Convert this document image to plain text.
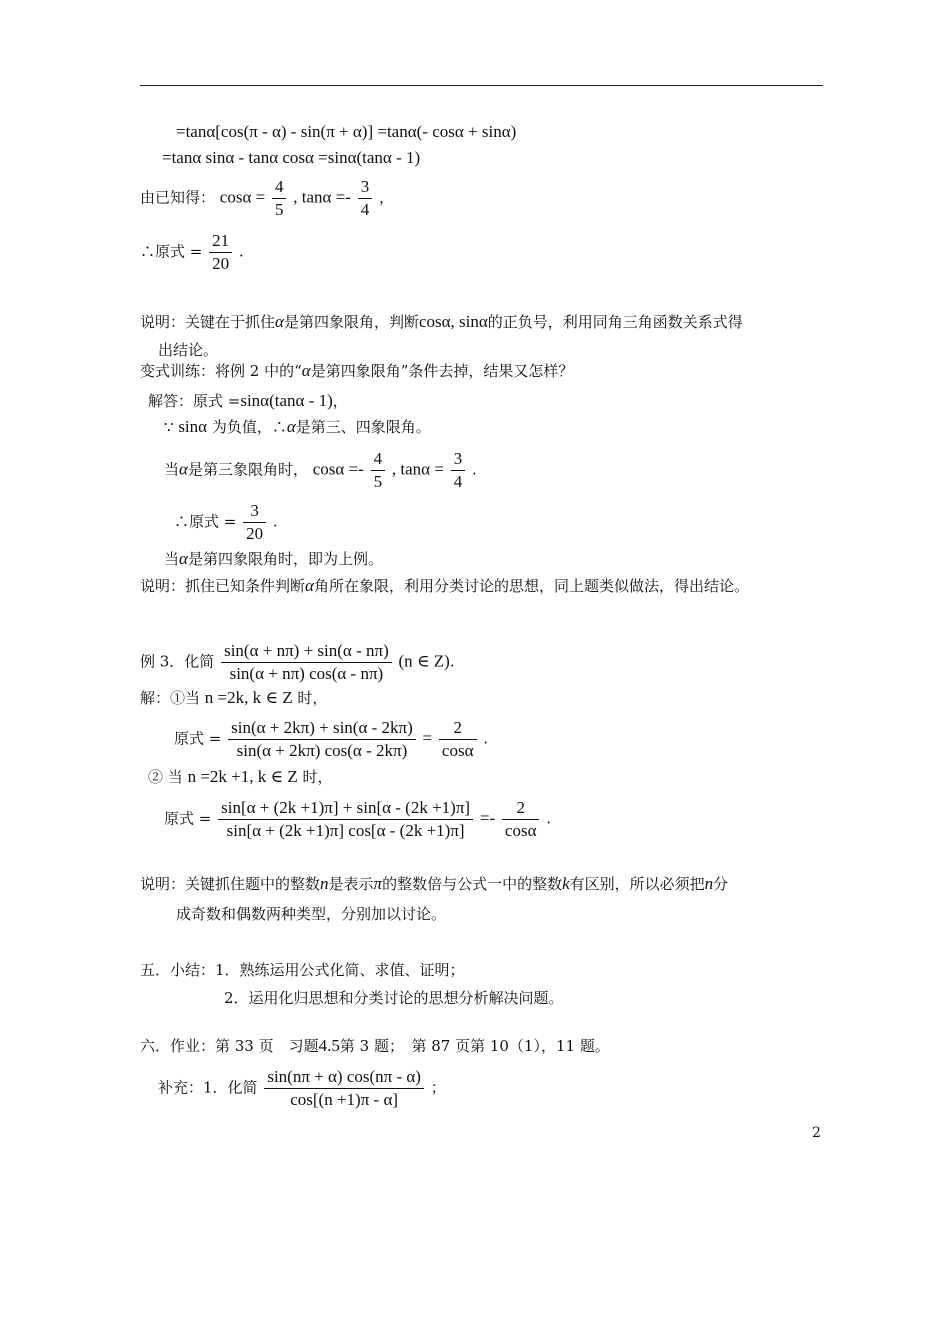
=tanα[cos(π - α) - sin(π + α)] =tanα(- cosα + sinα)
=tanα sinα - tanα cosα =sinα(tanα - 1)
由已知得： $\cos\alpha = \frac{4}{5}$ , $\tan\alpha =- \frac{3}{4}$ ，
∴原式 = $\frac{21}{20}$ .
说明：关键在于抓住α是第四象限角，判断cosα, sinα的正负号，利用同角三角函数关系式得
出结论。
变式训练：将例 2 中的“α是第四象限角”条件去掉，结果又怎样？
解答：原式 =sinα(tanα - 1)，
∵ sinα 为负值，∴α是第三、四象限角。
当α是第三象限角时， $\cos\alpha =- \frac{4}{5}$ , $\tan\alpha = \frac{3}{4}$ .
∴原式 = $\frac{3}{20}$ .
当α是第四象限角时，即为上例。
说明：抓住已知条件判断α角所在象限，利用分类讨论的思想，同上题类似做法，得出结论。
例 3．化简 $\frac{\sin(\alpha + n\pi) + \sin(\alpha - n\pi)}{\sin(\alpha + n\pi) \cos(\alpha - n\pi)} (n$ ∈ Z).
解：①当 n =2k, k ∈ Z 时，
原式 = $\frac{\sin(\alpha + 2k\pi) + \sin(\alpha - 2k\pi)}{\sin(\alpha + 2k\pi) \cos(\alpha - 2k\pi)} = \frac{2}{\cos\alpha}$ .
② 当 n =2k +1, k ∈ Z 时，
原式 = $\frac{\sin[\alpha + (2k +1)\pi] + \sin[\alpha - (2k +1)\pi]}{\sin[\alpha + (2k +1)\pi] \cos[\alpha - (2k +1)\pi]} =- \frac{2}{\cos\alpha}$ .
说明：关键抓住题中的整数n是表示π的整数倍与公式一中的整数k有区别，所以必须把n分
成奇数和偶数两种类型，分别加以讨论。
五．小结：1．熟练运用公式化简、求值、证明；
2．运用化归思想和分类讨论的思想分析解决问题。
六．作业：第 33 页　习题4.5第 3 题；　第 87 页第 10（1），11 题。
补充：1．化简 $\frac{\sin(n\pi + \alpha) \cos(n\pi - \alpha)}{\cos[(n +1)\pi - \alpha]}$ ；
2
